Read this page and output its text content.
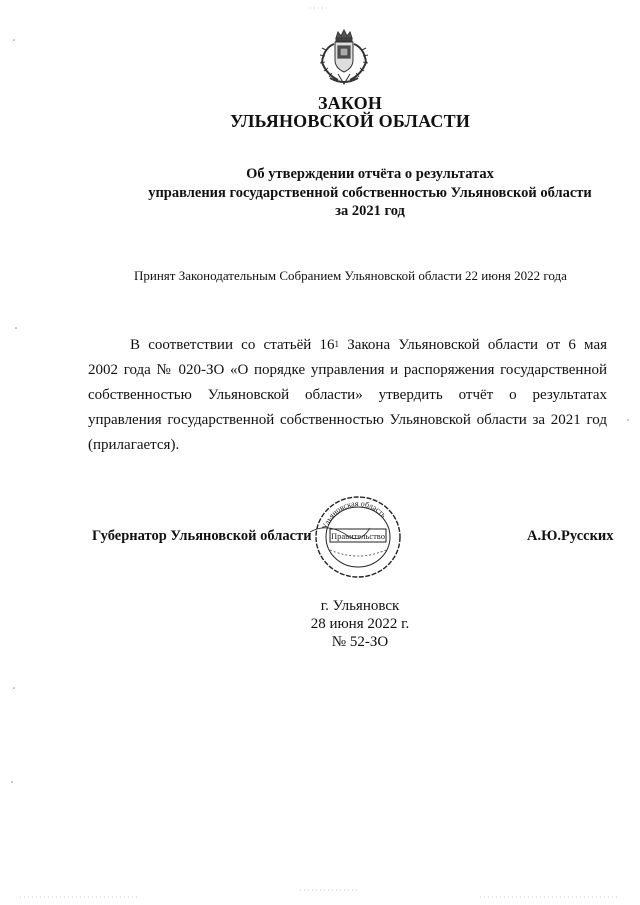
ЗАКОН
УЛЬЯНОВСКОЙ ОБЛАСТИ
Об утверждении отчёта о результатах
управления государственной собственностью Ульяновской области
за 2021 год
Принят Законодательным Собранием Ульяновской области 22 июня 2022 года
В соответствии со статьёй $16^1$ Закона Ульяновской области от 6 мая
2002 года № 020-ЗО «О порядке управления и распоряжения государственной
собственностью Ульяновской области» утвердить отчёт о результатах
управления государственной собственностью Ульяновской области за 2021 год
(прилагается).
Губернатор Ульяновской области
Ульяновская область
Правительство	А.Ю.Русских
г. Ульяновск
28 июня 2022 г.
№ 52-ЗО
